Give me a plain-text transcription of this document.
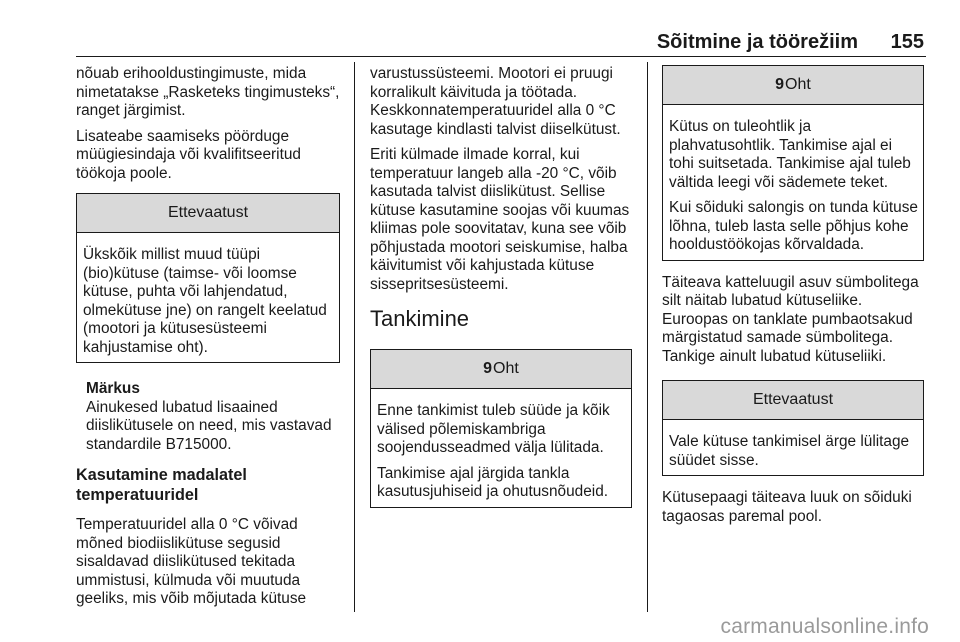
Sõitmine ja töörežiim	155

nõuab erihooldustingimuste, mida nimetatakse „Rasketeks tingimusteks“, ranget järgimist.

Lisateabe saamiseks pöörduge müügiesindaja või kvalifitseeritud töökoja poole.

Ettevaatust

Ükskõik millist muud tüüpi (bio)kütuse (taimse- või loomse kütuse, puhta või lahjendatud, olmekütuse jne) on rangelt keelatud (mootori ja kütusesüsteemi kahjustamise oht).

Märkus
Ainukesed lubatud lisaained diislikütusele on need, mis vastavad standardile B715000.
Kasutamine madalatel temperatuuridel

Temperatuuridel alla 0 °C võivad mõned biodiislikütuse segusid sisaldavad diislikütused tekitada ummistusi, külmuda või muutuda geeliks, mis võib mõjutada kütuse

varustussüsteemi. Mootori ei pruugi korralikult käivituda ja töötada. Keskkonnatemperatuuridel alla 0 °C kasutage kindlasti talvist diiselkütust.

Eriti külmade ilmade korral, kui temperatuur langeb alla -20 °C, võib kasutada talvist diislikütust. Sellise kütuse kasutamine soojas või kuumas kliimas pole soovitatav, kuna see võib põhjustada mootori seiskumise, halba käivitumist või kahjustada kütuse sissepritsesüsteemi.

Tankimine
9Oht

Enne tankimist tuleb süüde ja kõik välised põlemiskambriga soojendusseadmed välja lülitada.

Tankimise ajal järgida tankla kasutusjuhiseid ja ohutusnõudeid.

9Oht

Kütus on tuleohtlik ja plahvatusohtlik. Tankimise ajal ei tohi suitsetada. Tankimise ajal tuleb vältida leegi või sädemete teket.

Kui sõiduki salongis on tunda kütuse lõhna, tuleb lasta selle põhjus kohe hooldustöökojas kõrvaldada.

Täiteava katteluugil asuv sümbolitega silt näitab lubatud kütuseliike. Euroopas on tanklate pumbaotsakud märgistatud samade sümbolitega. Tankige ainult lubatud kütuseliiki.

Ettevaatust

Vale kütuse tankimisel ärge lülitage süüdet sisse.

Kütusepaagi täiteava luuk on sõiduki tagaosas paremal pool.

carmanualsonline.info
